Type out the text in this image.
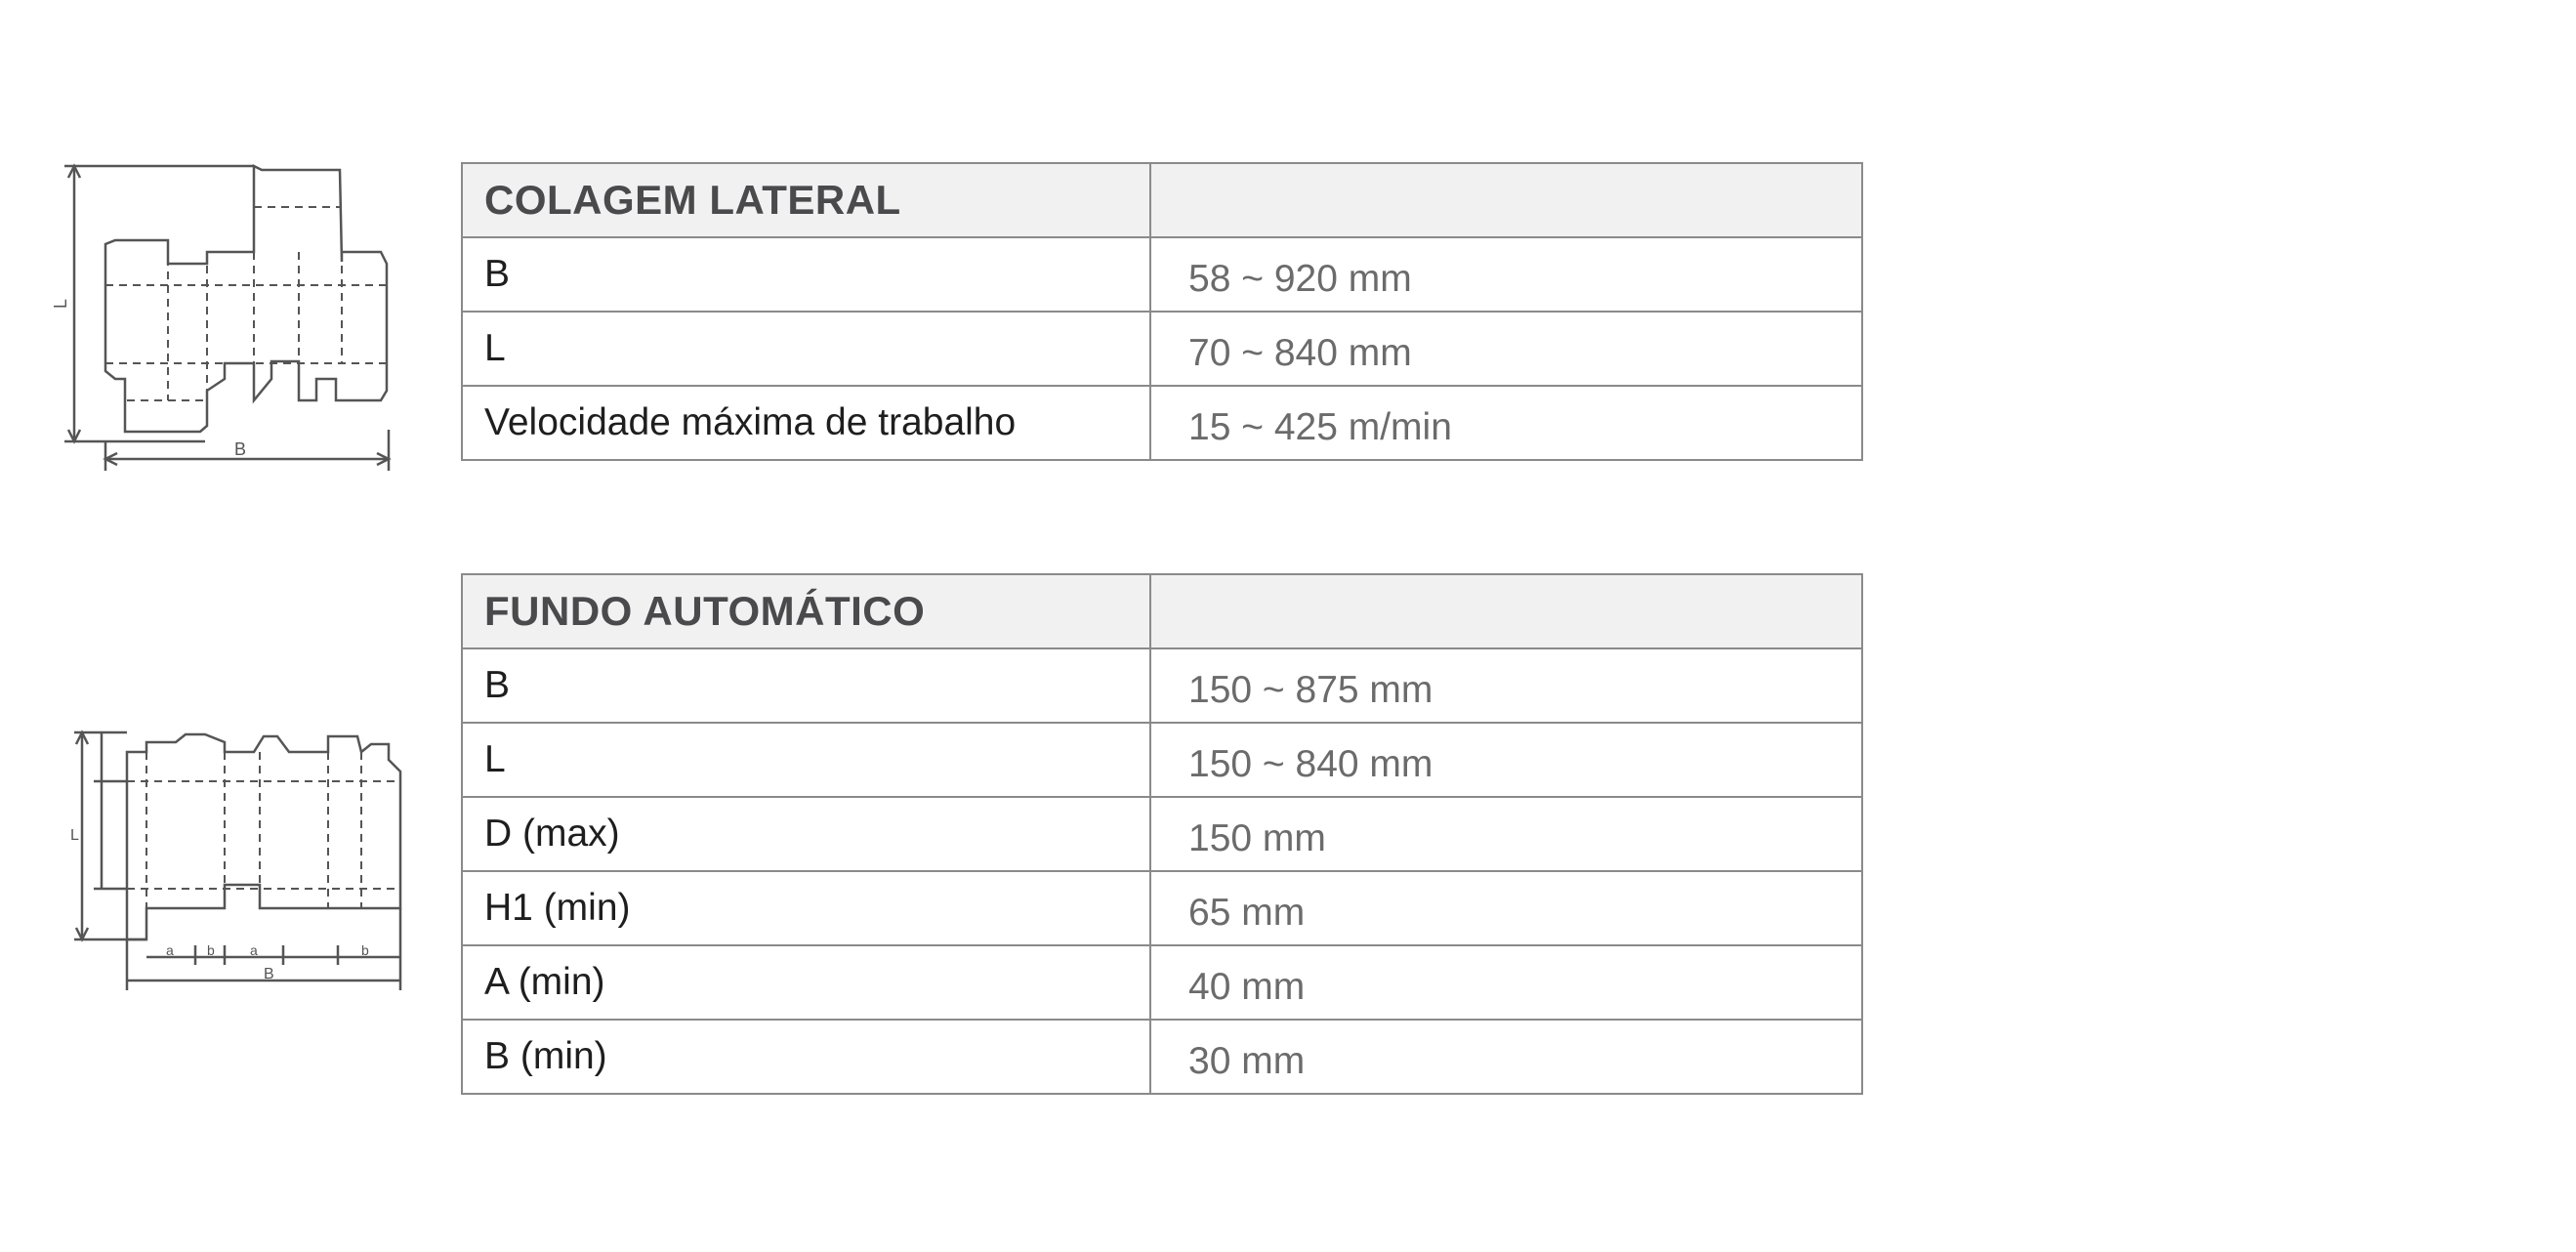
L
B
L
a b	a	b
B
COLAGEM LATERAL	
B	58 ~ 920 mm
L	70 ~ 840 mm
Velocidade máxima de trabalho	15 ~ 425 m/min
FUNDO AUTOMÁTICO	
B	150 ~ 875 mm
L	150 ~ 840 mm
D (max)	150 mm
H1 (min)	65 mm
A (min)	40 mm
B (min)	30 mm
